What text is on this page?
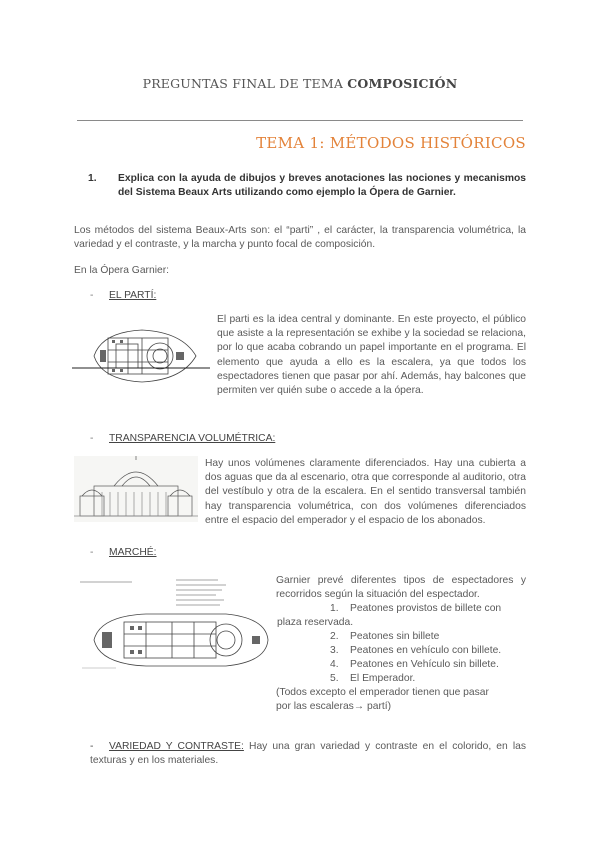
PREGUNTAS FINAL DE TEMA COMPOSICIÓN
TEMA 1: MÉTODOS HISTÓRICOS
1. Explica con la ayuda de dibujos y breves anotaciones las nociones y mecanismos del Sistema Beaux Arts utilizando como ejemplo la Ópera de Garnier.
Los métodos del sistema Beaux-Arts son: el “parti” , el carácter, la transparencia volumétrica, la variedad y el contraste, y la marcha y punto focal de composición.
En la Ópera Garnier:
- EL PARTÍ:
El parti es la idea central y dominante. En este proyecto, el público que asiste a la representación se exhibe y la sociedad se relaciona, por lo que acaba cobrando un papel importante en el programa. El elemento que ayuda a ello es la escalera, ya que todos los espectadores tienen que pasar por ahí. Además, hay balcones que permiten ver quién sube o accede a la ópera.
- TRANSPARENCIA VOLUMÉTRICA:
Hay unos volúmenes claramente diferenciados. Hay una cubierta a dos aguas que da al escenario, otra que corresponde al auditorio, otra del vestíbulo y otra de la escalera. En el sentido transversal también hay transparencia volumétrica, con dos volúmenes diferenciados entre el espacio del emperador y el espacio de los abonados.
- MARCHÉ:
Garnier prevé diferentes tipos de espectadores y recorridos según la situación del espectador.
1. Peatones provistos de billete con
plaza reservada.
2. Peatones sin billete
3. Peatones en vehículo con billete.
4. Peatones en Vehículo sin billete.
5. El Emperador.
(Todos excepto el emperador tienen que pasar
por las escaleras→ partí)
- VARIEDAD Y CONTRASTE: Hay una gran variedad y contraste en el colorido, en las texturas y en los materiales.
